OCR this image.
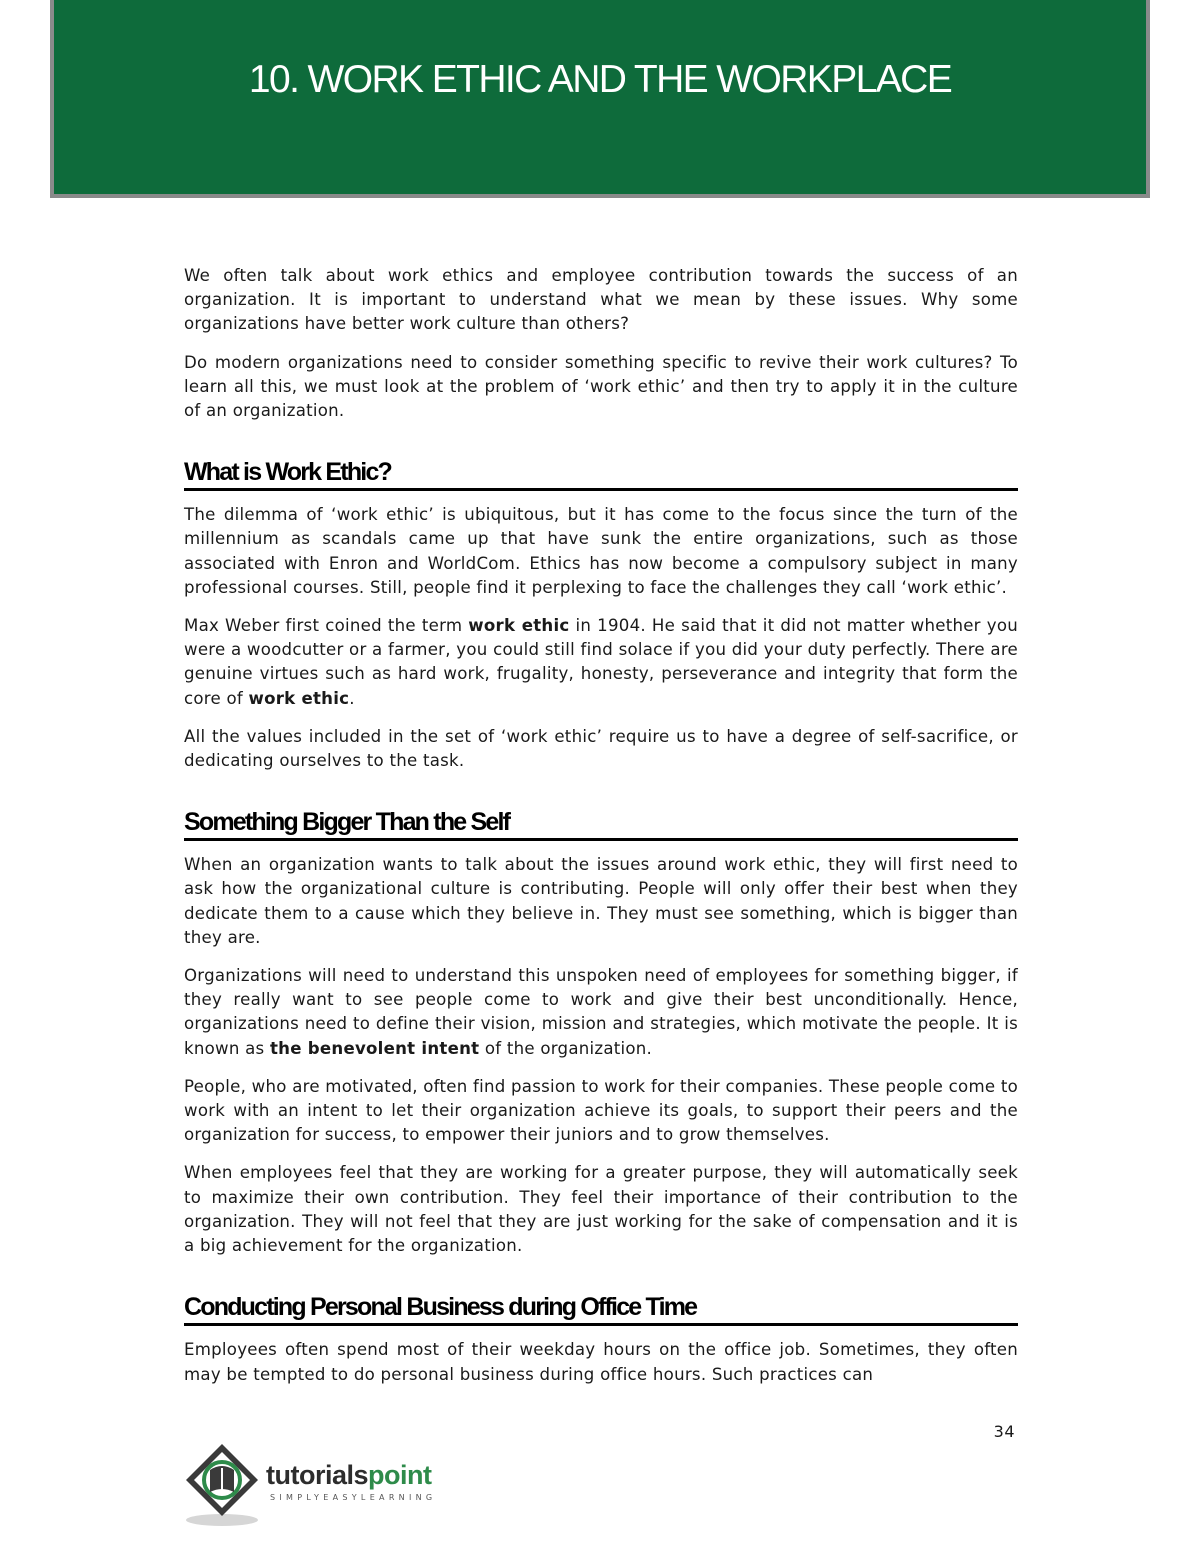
10. WORK ETHIC AND THE WORKPLACE

We often talk about work ethics and employee contribution towards the success of an organization. It is important to understand what we mean by these issues. Why some organizations have better work culture than others?

Do modern organizations need to consider something specific to revive their work cultures? To learn all this, we must look at the problem of ‘work ethic’ and then try to apply it in the culture of an organization.

What is Work Ethic?

The dilemma of ‘work ethic’ is ubiquitous, but it has come to the focus since the turn of the millennium as scandals came up that have sunk the entire organizations, such as those associated with Enron and WorldCom. Ethics has now become a compulsory subject in many professional courses. Still, people find it perplexing to face the challenges they call ‘work ethic’.

Max Weber first coined the term work ethic in 1904. He said that it did not matter whether you were a woodcutter or a farmer, you could still find solace if you did your duty perfectly. There are genuine virtues such as hard work, frugality, honesty, perseverance and integrity that form the core of work ethic.

All the values included in the set of ‘work ethic’ require us to have a degree of self-sacrifice, or dedicating ourselves to the task.

Something Bigger Than the Self

When an organization wants to talk about the issues around work ethic, they will first need to ask how the organizational culture is contributing. People will only offer their best when they dedicate them to a cause which they believe in. They must see something, which is bigger than they are.

Organizations will need to understand this unspoken need of employees for something bigger, if they really want to see people come to work and give their best unconditionally. Hence, organizations need to define their vision, mission and strategies, which motivate the people. It is known as the benevolent intent of the organization.

People, who are motivated, often find passion to work for their companies. These people come to work with an intent to let their organization achieve its goals, to support their peers and the organization for success, to empower their juniors and to grow themselves.

When employees feel that they are working for a greater purpose, they will automatically seek to maximize their own contribution. They feel their importance of their contribution to the organization. They will not feel that they are just working for the sake of compensation and it is a big achievement for the organization.

Conducting Personal Business during Office Time

Employees often spend most of their weekday hours on the office job. Sometimes, they often may be tempted to do personal business during office hours. Such practices can

34
tutorialspoint
SIMPLYEASYLEARNING
